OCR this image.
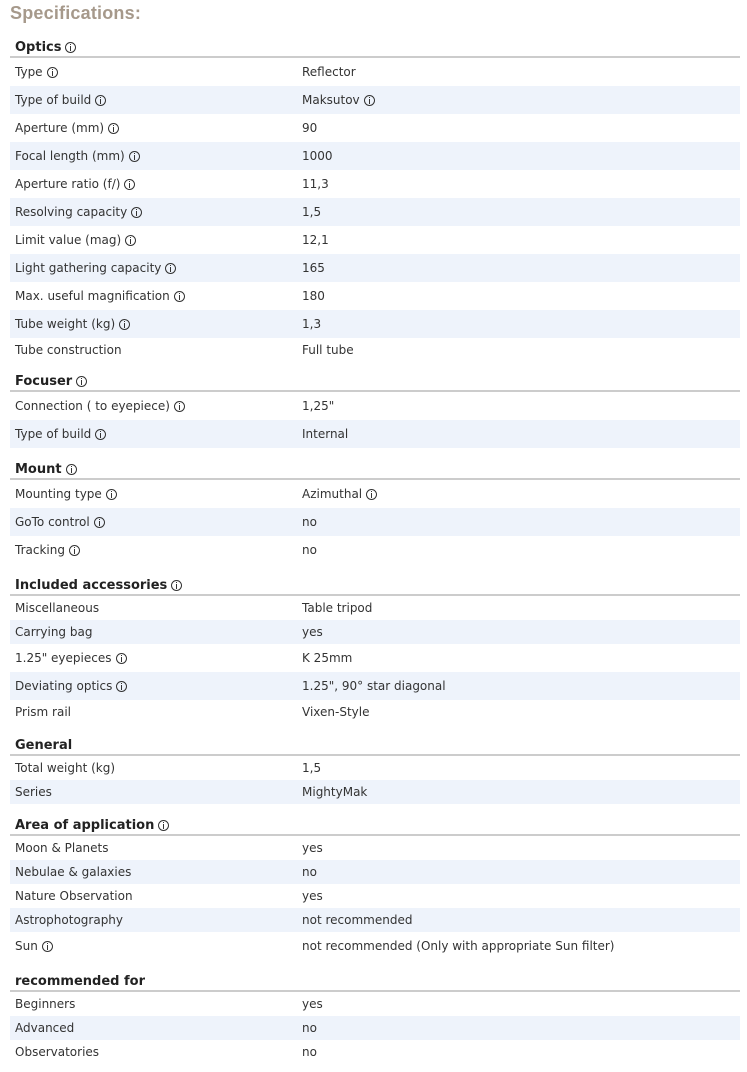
Specifications:
Optics
Type	Reflector
Type of build	Maksutov
Aperture (mm)	90
Focal length (mm)	1000
Aperture ratio (f/)	11,3
Resolving capacity	1,5
Limit value (mag)	12,1
Light gathering capacity	165
Max. useful magnification	180
Tube weight (kg)	1,3
Tube construction	Full tube
Focuser
Connection ( to eyepiece)	1,25"
Type of build	Internal
Mount
Mounting type	Azimuthal
GoTo control	no
Tracking	no
Included accessories
Miscellaneous	Table tripod
Carrying bag	yes
1.25" eyepieces	K 25mm
Deviating optics	1.25", 90° star diagonal
Prism rail	Vixen-Style
General
Total weight (kg)	1,5
Series	MightyMak
Area of application
Moon & Planets	yes
Nebulae & galaxies	no
Nature Observation	yes
Astrophotography	not recommended
Sun	not recommended (Only with appropriate Sun filter)
recommended for
Beginners	yes
Advanced	no
Observatories	no
